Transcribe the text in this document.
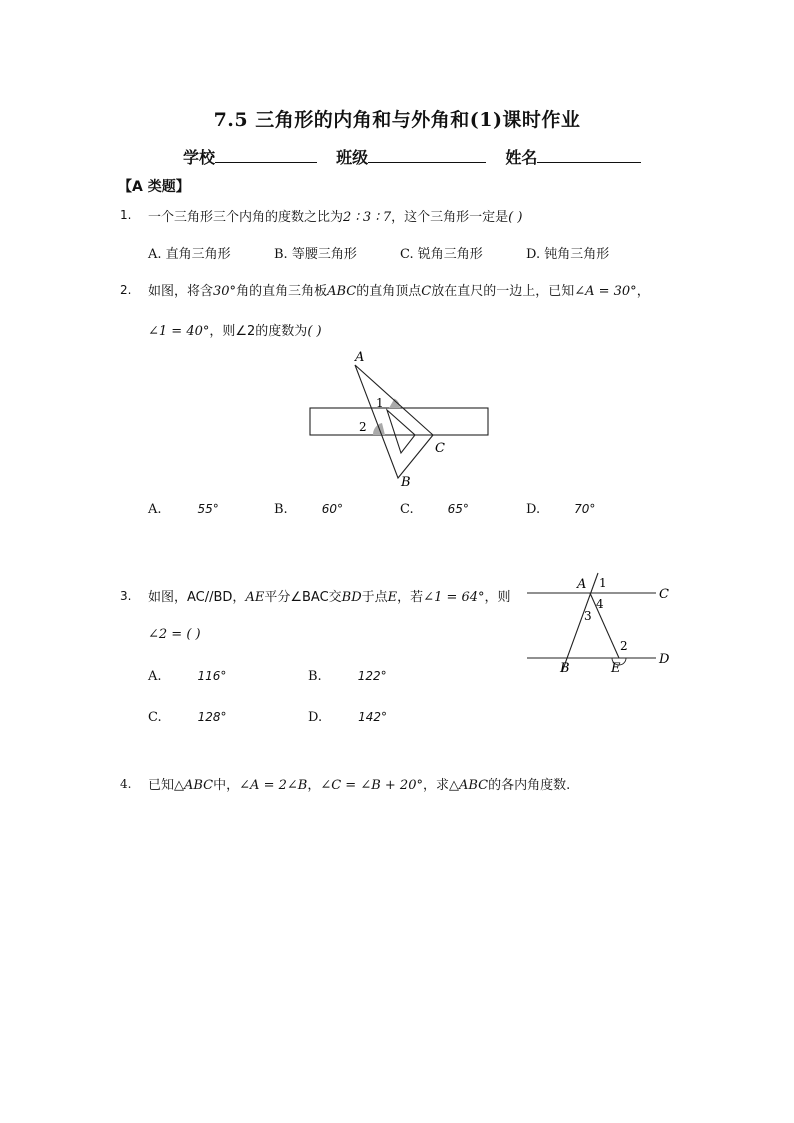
7.5 三角形的内角和与外角和(1)课时作业
学校	班级	姓名
【A 类题】
1. 一个三角形三个内角的度数之比为2 ∶ 3 ∶ 7，这个三角形一定是( )
A. 直角三角形	B. 等腰三角形	C. 锐角三角形	D. 钝角三角形
2. 如图，将含30°角的直角三角板ABC的直角顶点C放在直尺的一边上，已知∠A = 30°，
∠1 = 40°，则∠2的度数为( )
A
B
C
1
2
A.	55°	B.	60°	C.	65°	D.	70°
3. 如图，AC//BD，AE平分∠BAC交BD于点E，若∠1 = 64°，则
∠2 = ( )
A 1
C
4
3
2
B	E
D
A.	116°	B.	122°
C.	128°	D.	142°
4. 已知△ABC中，∠A = 2∠B，∠C = ∠B + 20°，求△ABC的各内角度数.
